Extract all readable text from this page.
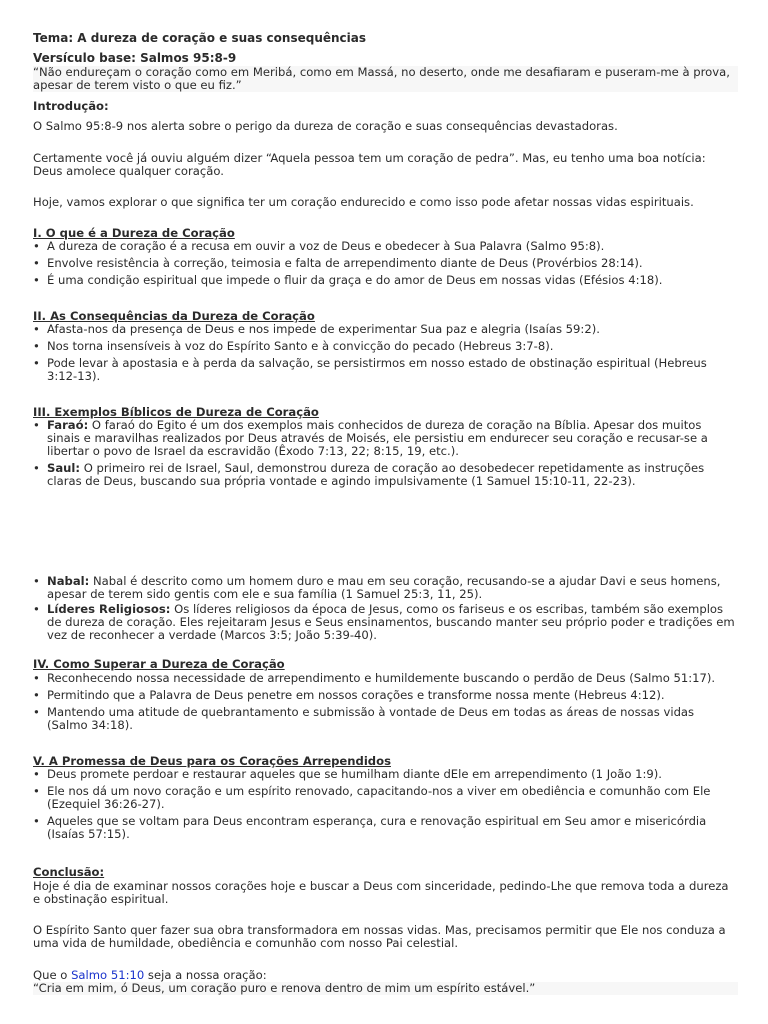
Tema: A dureza de coração e suas consequências

Versículo base: Salmos 95:8-9

“Não endureçam o coração como em Meribá, como em Massá, no deserto, onde me desafiaram e puseram-me à prova, apesar de terem visto o que eu fiz.”

Introdução:

O Salmo 95:8-9 nos alerta sobre o perigo da dureza de coração e suas consequências devastadoras.

Certamente você já ouviu alguém dizer “Aquela pessoa tem um coração de pedra”. Mas, eu tenho uma boa notícia: Deus amolece qualquer coração.

Hoje, vamos explorar o que significa ter um coração endurecido e como isso pode afetar nossas vidas espirituais.

I. O que é a Dureza de Coração
• A dureza de coração é a recusa em ouvir a voz de Deus e obedecer à Sua Palavra (Salmo 95:8).
• Envolve resistência à correção, teimosia e falta de arrependimento diante de Deus (Provérbios 28:14).
• É uma condição espiritual que impede o fluir da graça e do amor de Deus em nossas vidas (Efésios 4:18).
II. As Consequências da Dureza de Coração
• Afasta-nos da presença de Deus e nos impede de experimentar Sua paz e alegria (Isaías 59:2).
• Nos torna insensíveis à voz do Espírito Santo e à convicção do pecado (Hebreus 3:7-8).
• Pode levar à apostasia e à perda da salvação, se persistirmos em nosso estado de obstinação espiritual (Hebreus 3:12-13).
III. Exemplos Bíblicos de Dureza de Coração
• Faraó: O faraó do Egito é um dos exemplos mais conhecidos de dureza de coração na Bíblia. Apesar dos muitos sinais e maravilhas realizados por Deus através de Moisés, ele persistiu em endurecer seu coração e recusar-se a libertar o povo de Israel da escravidão (Êxodo 7:13, 22; 8:15, 19, etc.).
• Saul: O primeiro rei de Israel, Saul, demonstrou dureza de coração ao desobedecer repetidamente as instruções claras de Deus, buscando sua própria vontade e agindo impulsivamente (1 Samuel 15:10-11, 22-23).
• Nabal: Nabal é descrito como um homem duro e mau em seu coração, recusando-se a ajudar Davi e seus homens, apesar de terem sido gentis com ele e sua família (1 Samuel 25:3, 11, 25).
• Líderes Religiosos: Os líderes religiosos da época de Jesus, como os fariseus e os escribas, também são exemplos de dureza de coração. Eles rejeitaram Jesus e Seus ensinamentos, buscando manter seu próprio poder e tradições em vez de reconhecer a verdade (Marcos 3:5; João 5:39-40).
IV. Como Superar a Dureza de Coração
• Reconhecendo nossa necessidade de arrependimento e humildemente buscando o perdão de Deus (Salmo 51:17).
• Permitindo que a Palavra de Deus penetre em nossos corações e transforme nossa mente (Hebreus 4:12).
• Mantendo uma atitude de quebrantamento e submissão à vontade de Deus em todas as áreas de nossas vidas (Salmo 34:18).
V. A Promessa de Deus para os Corações Arrependidos
• Deus promete perdoar e restaurar aqueles que se humilham diante dEle em arrependimento (1 João 1:9).
• Ele nos dá um novo coração e um espírito renovado, capacitando-nos a viver em obediência e comunhão com Ele (Ezequiel 36:26-27).
• Aqueles que se voltam para Deus encontram esperança, cura e renovação espiritual em Seu amor e misericórdia (Isaías 57:15).
Conclusão:

Hoje é dia de examinar nossos corações hoje e buscar a Deus com sinceridade, pedindo-Lhe que remova toda a dureza e obstinação espiritual.

O Espírito Santo quer fazer sua obra transformadora em nossas vidas. Mas, precisamos permitir que Ele nos conduza a uma vida de humildade, obediência e comunhão com nosso Pai celestial.

Que o Salmo 51:10 seja a nossa oração:

“Cria em mim, ó Deus, um coração puro e renova dentro de mim um espírito estável.”
